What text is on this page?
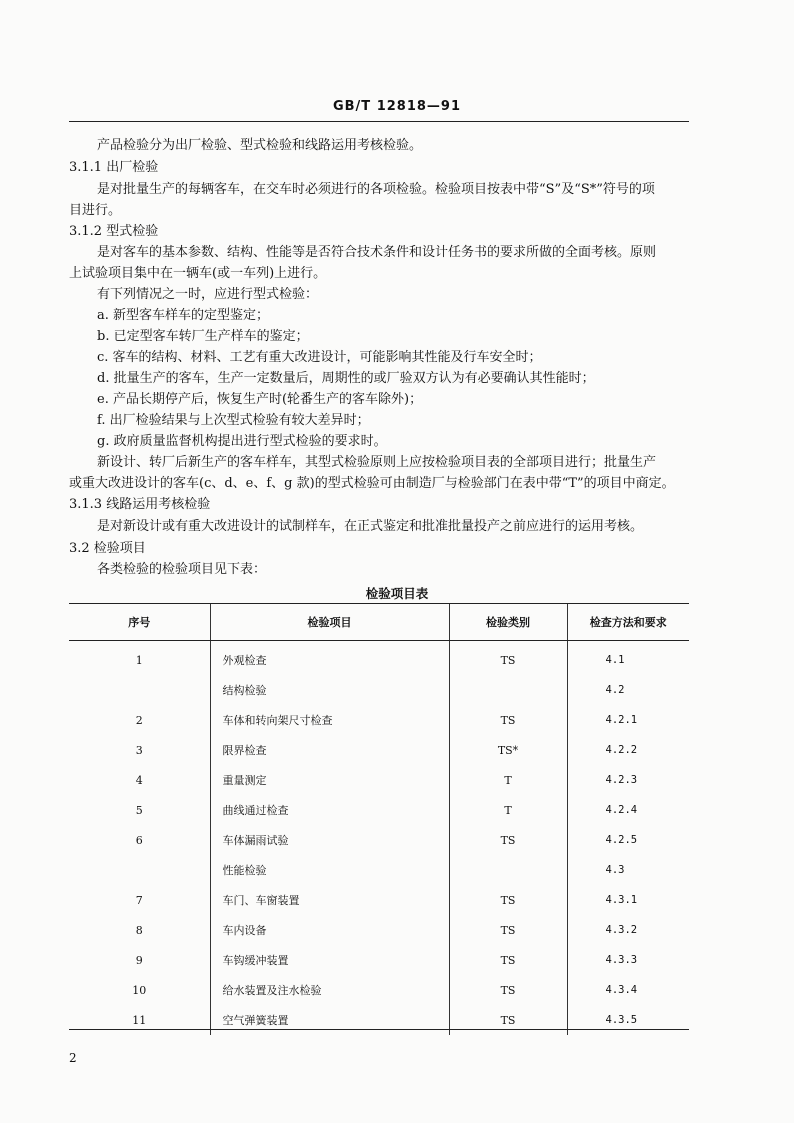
GB/T 12818—91
产品检验分为出厂检验、型式检验和线路运用考核检验。
3.1.1 出厂检验
是对批量生产的每辆客车，在交车时必须进行的各项检验。检验项目按表中带“S”及“S*”符号的项
目进行。
3.1.2 型式检验
是对客车的基本参数、结构、性能等是否符合技术条件和设计任务书的要求所做的全面考核。原则
上试验项目集中在一辆车(或一车列)上进行。
有下列情况之一时，应进行型式检验：
a. 新型客车样车的定型鉴定；
b. 已定型客车转厂生产样车的鉴定；
c. 客车的结构、材料、工艺有重大改进设计，可能影响其性能及行车安全时；
d. 批量生产的客车，生产一定数量后，周期性的或厂验双方认为有必要确认其性能时；
e. 产品长期停产后，恢复生产时(轮番生产的客车除外)；
f. 出厂检验结果与上次型式检验有较大差异时；
g. 政府质量监督机构提出进行型式检验的要求时。
新设计、转厂后新生产的客车样车，其型式检验原则上应按检验项目表的全部项目进行；批量生产
或重大改进设计的客车(c、d、e、f、g 款)的型式检验可由制造厂与检验部门在表中带“T”的项目中商定。
3.1.3 线路运用考核检验
是对新设计或有重大改进设计的试制样车，在正式鉴定和批准批量投产之前应进行的运用考核。
3.2 检验项目
各类检验的检验项目见下表：
检验项目表
序号	检验项目	检验类别	检查方法和要求
1	外观检查	TS	4.1
	结构检验		4.2
2	车体和转向架尺寸检查	TS	4.2.1
3	限界检查	TS*	4.2.2
4	重量测定	T	4.2.3
5	曲线通过检查	T	4.2.4
6	车体漏雨试验	TS	4.2.5
	性能检验		4.3
7	车门、车窗装置	TS	4.3.1
8	车内设备	TS	4.3.2
9	车钩缓冲装置	TS	4.3.3
10	给水装置及注水检验	TS	4.3.4
11	空气弹簧装置	TS	4.3.5
2
